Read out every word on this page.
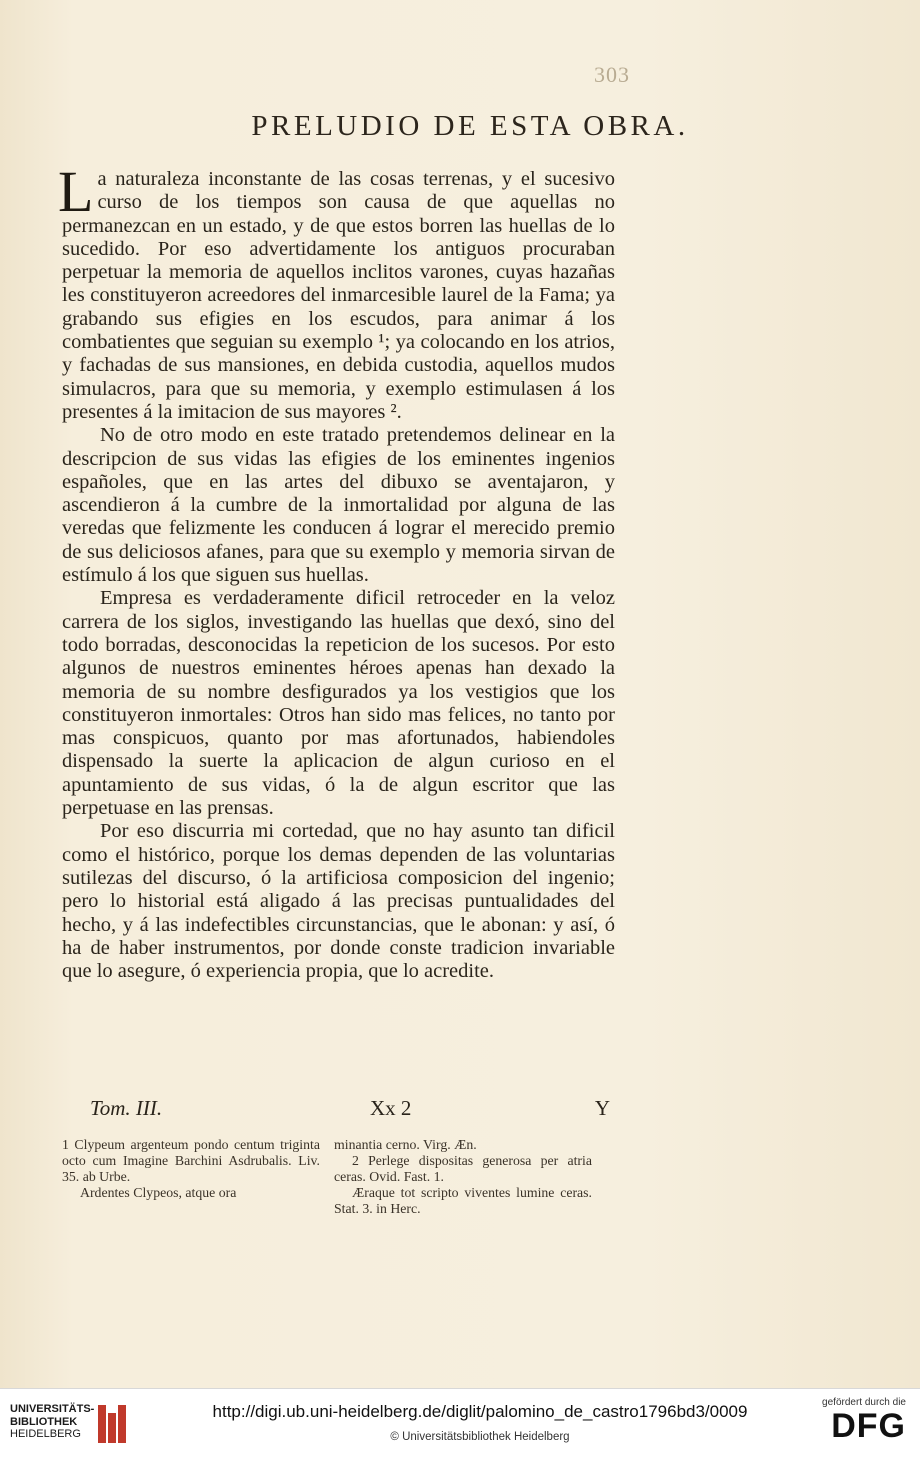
303
PRELUDIO DE ESTA OBRA.

La naturaleza inconstante de las cosas terrenas, y el sucesivo curso de los tiempos son causa de que aquellas no permanezcan en un estado, y de que estos borren las huellas de lo sucedido. Por eso advertidamente los antiguos procuraban perpetuar la memoria de aquellos inclitos varones, cuyas hazañas les constituyeron acreedores del inmarcesible laurel de la Fama; ya grabando sus efigies en los escudos, para animar á los combatientes que seguian su exemplo ¹; ya colocando en los atrios, y fachadas de sus mansiones, en debida custodia, aquellos mudos simulacros, para que su memoria, y exemplo estimulasen á los presentes á la imitacion de sus mayores ².

No de otro modo en este tratado pretendemos delinear en la descripcion de sus vidas las efigies de los eminentes ingenios españoles, que en las artes del dibuxo se aventajaron, y ascendieron á la cumbre de la inmortalidad por alguna de las veredas que felizmente les conducen á lograr el merecido premio de sus deliciosos afanes, para que su exemplo y memoria sirvan de estímulo á los que siguen sus huellas.

Empresa es verdaderamente dificil retroceder en la veloz carrera de los siglos, investigando las huellas que dexó, sino del todo borradas, desconocidas la repeticion de los sucesos. Por esto algunos de nuestros eminentes héroes apenas han dexado la memoria de su nombre desfigurados ya los vestigios que los constituyeron inmortales: Otros han sido mas felices, no tanto por mas conspicuos, quanto por mas afortunados, habiendoles dispensado la suerte la aplicacion de algun curioso en el apuntamiento de sus vidas, ó la de algun escritor que las perpetuase en las prensas.

Por eso discurria mi cortedad, que no hay asunto tan dificil como el histórico, porque los demas dependen de las voluntarias sutilezas del discurso, ó la artificiosa composicion del ingenio; pero lo historial está aligado á las precisas puntualidades del hecho, y á las indefectibles circunstancias, que le abonan: y así, ó ha de haber instrumentos, por donde conste tradicion invariable que lo asegure, ó experiencia propia, que lo acredite.

Tom. III.	Xx 2	Y

1 Clypeum argenteum pondo centum triginta octo cum Imagine Barchini Asdrubalis. Liv. 35. ab Urbe.

Ardentes Clypeos, atque ora

minantia cerno. Virg. Æn.

2 Perlege dispositas generosa per atria ceras. Ovid. Fast. 1.

Æraque tot scripto viventes lumine ceras. Stat. 3. in Herc.

UNIVERSITÄTS-
BIBLIOTHEK
HEIDELBERG
http://digi.ub.uni-heidelberg.de/diglit/palomino_de_castro1796bd3/0009
© Universitätsbibliothek Heidelberg
gefördert durch die
DFG
